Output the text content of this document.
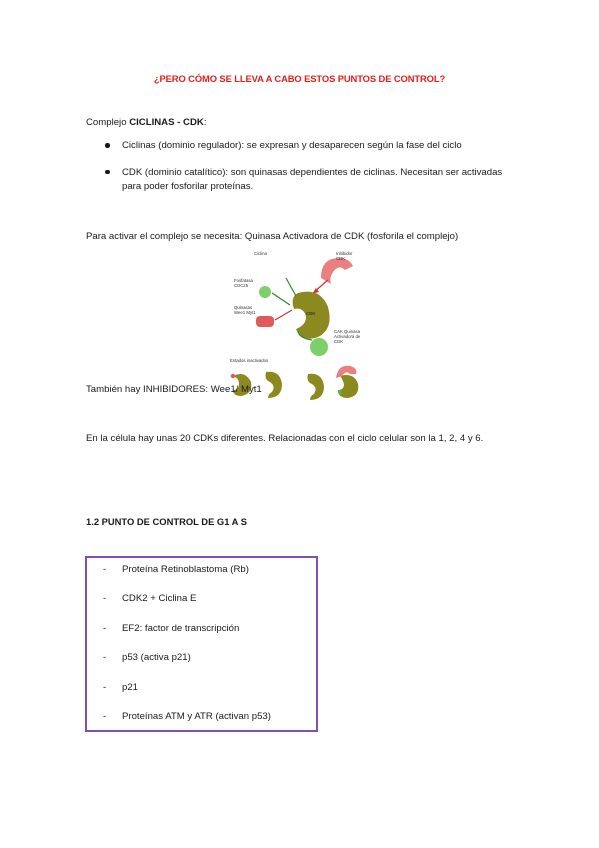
¿PERO CÓMO SE LLEVA A CABO ESTOS PUNTOS DE CONTROL?
Complejo CICLINAS - CDK:
Ciclinas (dominio regulador): se expresan y desaparecen según la fase del ciclo
CDK (dominio catalítico): son quinasas dependientes de ciclinas. Necesitan ser activadas para poder fosforilar proteínas.
Para activar el complejo se necesita: Quinasa Activadora de CDK (fosforila el complejo)
Ciclina	Inhibidor CDK
Fosfatasa CDC25
Quinasas Wee1 Myt1	CDK
CAK Quinasa Activadora de CDK
Estados inactivados
También hay INHIBIDORES: Wee1/ Myt1
En la célula hay unas 20 CDKs diferentes. Relacionadas con el ciclo celular son la 1, 2, 4 y 6.
1.2 PUNTO DE CONTROL DE G1 A S
- Proteína Retinoblastoma (Rb)
- CDK2 + Ciclina E
- EF2: factor de transcripción
- p53 (activa p21)
- p21
- Proteínas ATM y ATR (activan p53)
